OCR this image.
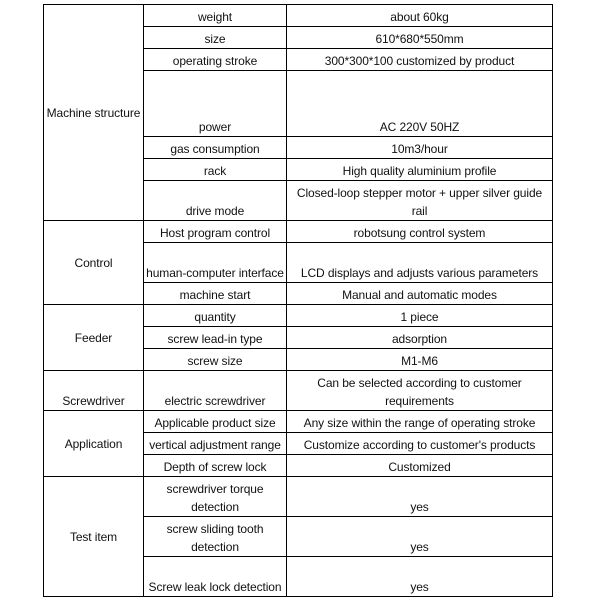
Machine structure	weight	about 60kg
	size	610*680*550mm
	operating stroke	300*300*100 customized by product
	power	AC 220V 50HZ
	gas consumption	10m3/hour
	rack	High quality aluminium profile
	drive mode	Closed-loop stepper motor + upper silver guide rail
Control	Host program control	robotsung control system
	human-computer interface	LCD displays and adjusts various parameters
	machine start	Manual and automatic modes
Feeder	quantity	1 piece
	screw lead-in type	adsorption
	screw size	M1-M6
Screwdriver	electric screwdriver	Can be selected according to customer requirements
Application	Applicable product size	Any size within the range of operating stroke
	vertical adjustment range	Customize according to customer's products
	Depth of screw lock	Customized
Test item	screwdriver torque detection	yes
	screw sliding tooth detection	yes
	Screw leak lock detection	yes
